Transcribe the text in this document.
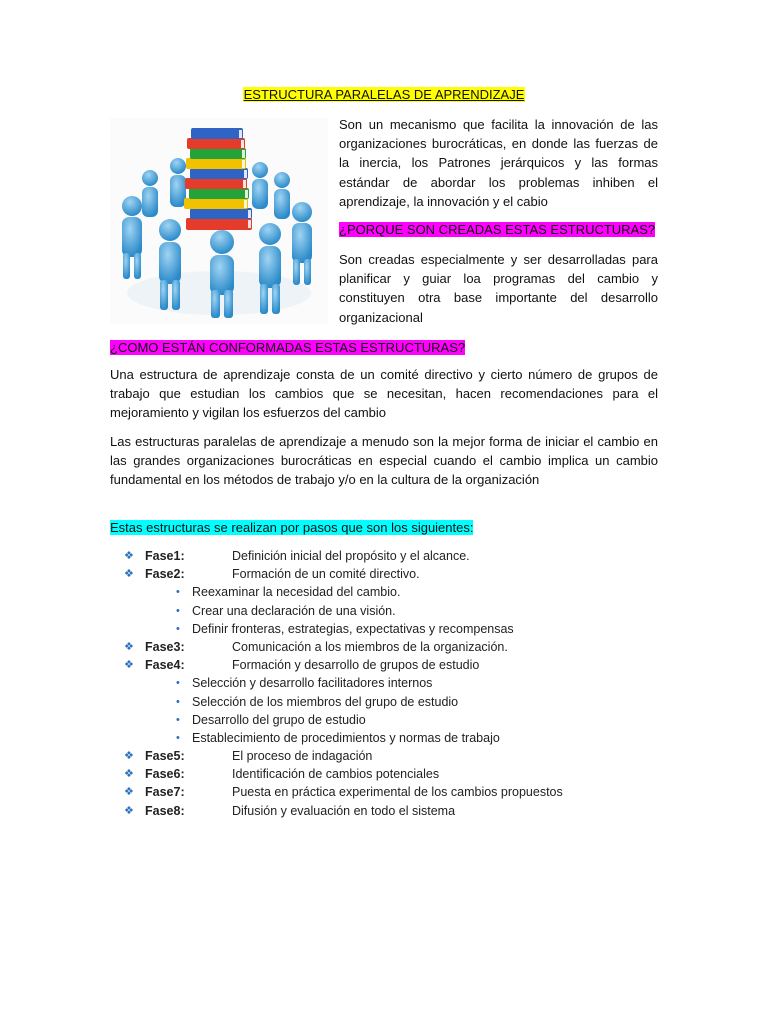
ESTRUCTURA PARALELAS DE APRENDIZAJE

Son un mecanismo que facilita la innovación de las organizaciones burocráticas, en donde las fuerzas de la inercia, los Patrones jerárquicos y las formas estándar de abordar los problemas inhiben el aprendizaje, la innovación y el cabio

¿PORQUE SON CREADAS ESTAS ESTRUCTURAS?

Son creadas especialmente y ser desarrolladas para planificar y guiar loa programas del cambio y constituyen otra base importante del desarrollo organizacional

¿COMO ESTÁN CONFORMADAS ESTAS ESTRUCTURAS?
Una estructura de aprendizaje consta de un comité directivo y cierto número de grupos de trabajo que estudian los cambios que se necesitan, hacen recomendaciones para el mejoramiento y vigilan los esfuerzos del cambio
Las estructuras paralelas de aprendizaje a menudo son la mejor forma de iniciar el cambio en las grandes organizaciones burocráticas en especial cuando el cambio implica un cambio fundamental en los métodos de trabajo y/o en la cultura de la organización
Estas estructuras se realizan por pasos que son los siguientes:
❖ Fase1:	Definición inicial del propósito y el alcance.
❖ Fase2:	Formación de un comité directivo.
• Reexaminar la necesidad del cambio.
• Crear una declaración de una visión.
• Definir fronteras, estrategias, expectativas y recompensas
❖ Fase3:	Comunicación a los miembros de la organización.
❖ Fase4:	Formación y desarrollo de grupos de estudio
• Selección y desarrollo facilitadores internos
• Selección de los miembros del grupo de estudio
• Desarrollo del grupo de estudio
• Establecimiento de procedimientos y normas de trabajo
❖ Fase5:	El proceso de indagación
❖ Fase6:	Identificación de cambios potenciales
❖ Fase7:	Puesta en práctica experimental de los cambios propuestos
❖ Fase8:	Difusión y evaluación en todo el sistema
